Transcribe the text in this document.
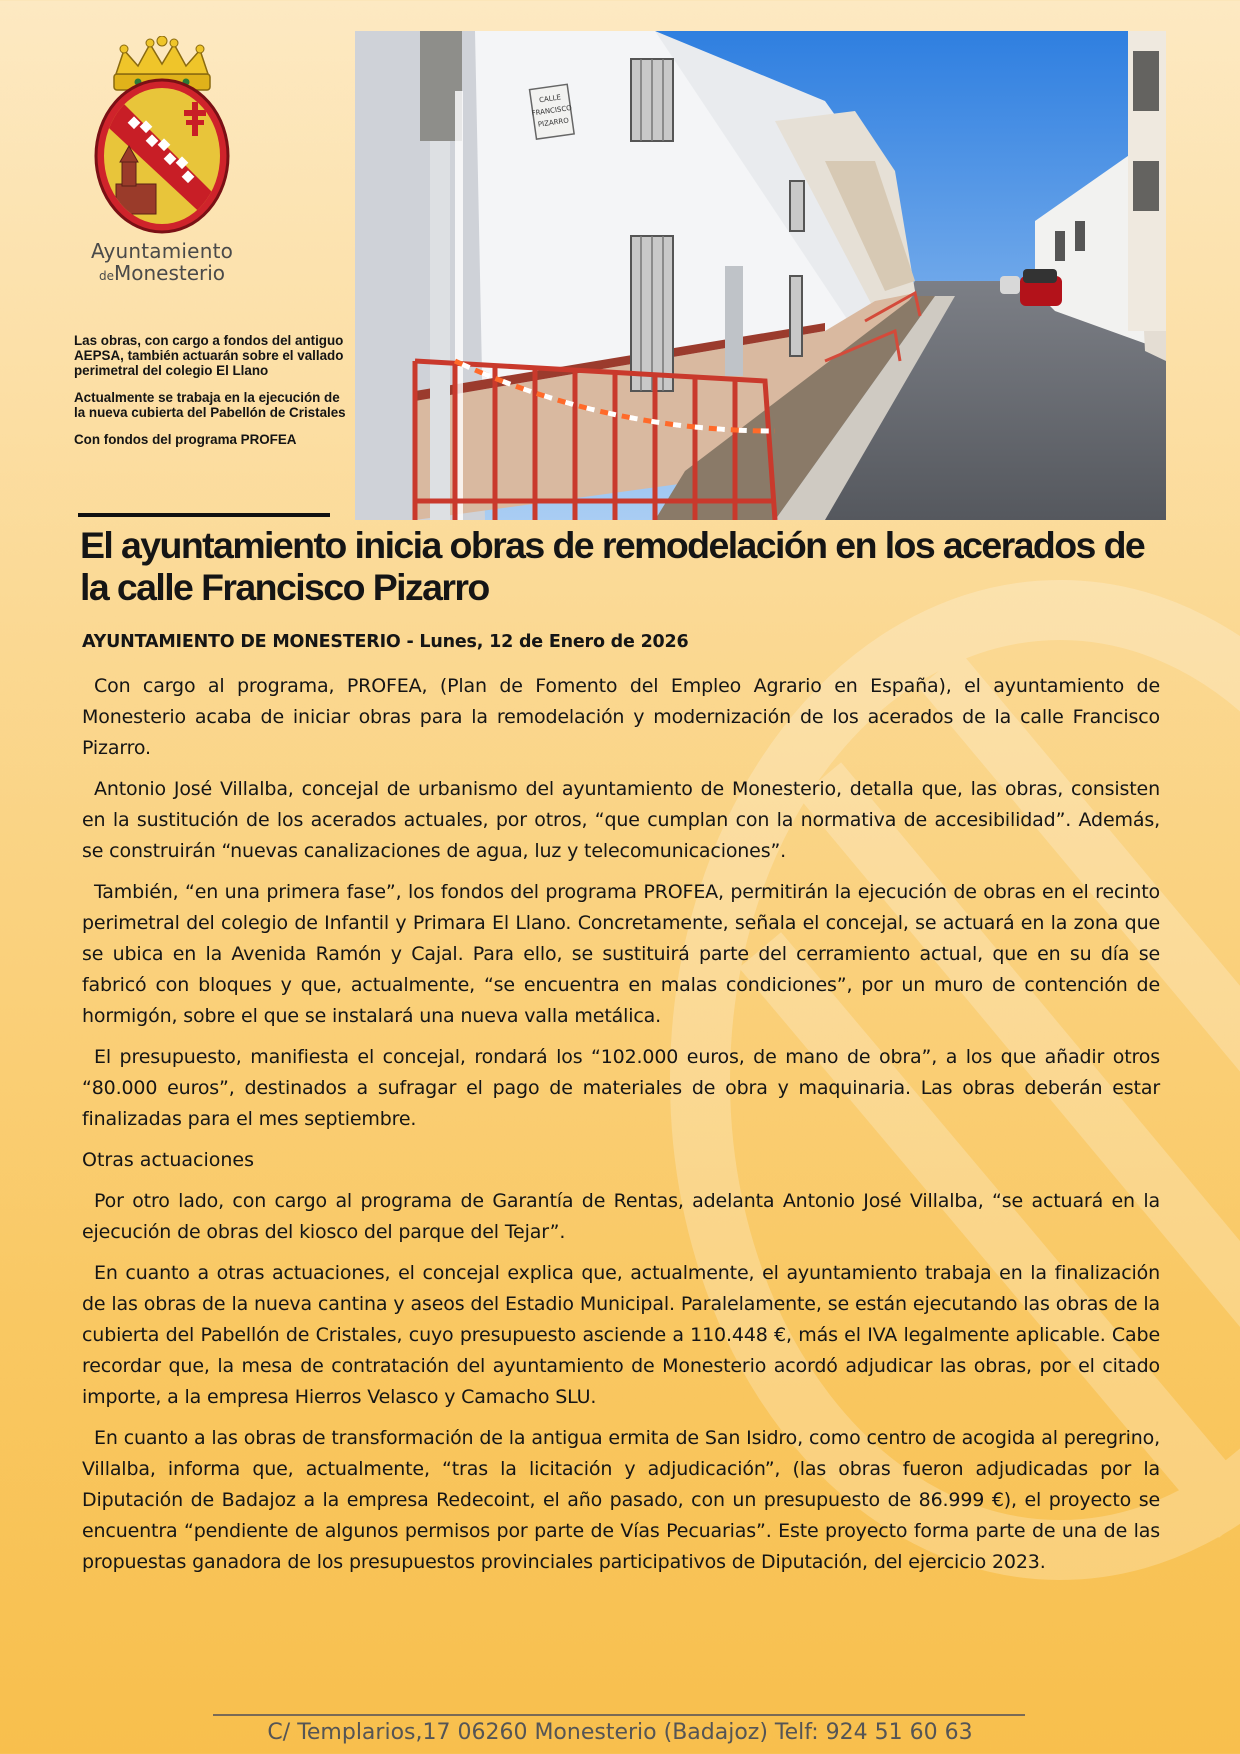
Ayuntamiento
deMonesterio

Las obras, con cargo a fondos del antiguo AEPSA, también actuarán sobre el vallado perimetral del colegio El Llano

Actualmente se trabaja en la ejecución de la nueva cubierta del Pabellón de Cristales

Con fondos del programa PROFEA

CALLE
FRANCISCO
PIZARRO
El ayuntamiento inicia obras de remodelación en los acerados de la calle Francisco Pizarro
AYUNTAMIENTO DE MONESTERIO - Lunes, 12 de Enero de 2026

Con cargo al programa, PROFEA, (Plan de Fomento del Empleo Agrario en España), el ayuntamiento de Monesterio acaba de iniciar obras para la remodelación y modernización de los acerados de la calle Francisco Pizarro.

Antonio José Villalba, concejal de urbanismo del ayuntamiento de Monesterio, detalla que, las obras, consisten en la sustitución de los acerados actuales, por otros, “que cumplan con la normativa de accesibilidad”. Además, se construirán “nuevas canalizaciones de agua, luz y telecomunicaciones”.

También, “en una primera fase”, los fondos del programa PROFEA, permitirán la ejecución de obras en el recinto perimetral del colegio de Infantil y Primara El Llano. Concretamente, señala el concejal, se actuará en la zona que se ubica en la Avenida Ramón y Cajal. Para ello, se sustituirá parte del cerramiento actual, que en su día se fabricó con bloques y que, actualmente, “se encuentra en malas condiciones”, por un muro de contención de hormigón, sobre el que se instalará una nueva valla metálica.

El presupuesto, manifiesta el concejal, rondará los “102.000 euros, de mano de obra”, a los que añadir otros “80.000 euros”, destinados a sufragar el pago de materiales de obra y maquinaria. Las obras deberán estar finalizadas para el mes septiembre.

Otras actuaciones

Por otro lado, con cargo al programa de Garantía de Rentas, adelanta Antonio José Villalba, “se actuará en la ejecución de obras del kiosco del parque del Tejar”.

En cuanto a otras actuaciones, el concejal explica que, actualmente, el ayuntamiento trabaja en la finalización de las obras de la nueva cantina y aseos del Estadio Municipal. Paralelamente, se están ejecutando las obras de la cubierta del Pabellón de Cristales, cuyo presupuesto asciende a 110.448 €, más el IVA legalmente aplicable. Cabe recordar que, la mesa de contratación del ayuntamiento de Monesterio acordó adjudicar las obras, por el citado importe, a la empresa Hierros Velasco y Camacho SLU.

En cuanto a las obras de transformación de la antigua ermita de San Isidro, como centro de acogida al peregrino, Villalba, informa que, actualmente, “tras la licitación y adjudicación”, (las obras fueron adjudicadas por la Diputación de Badajoz a la empresa Redecoint, el año pasado, con un presupuesto de 86.999 €), el proyecto se encuentra “pendiente de algunos permisos por parte de Vías Pecuarias”. Este proyecto forma parte de una de las propuestas ganadora de los presupuestos provinciales participativos de Diputación, del ejercicio 2023.

C/ Templarios,17 06260 Monesterio (Badajoz) Telf: 924 51 60 63
